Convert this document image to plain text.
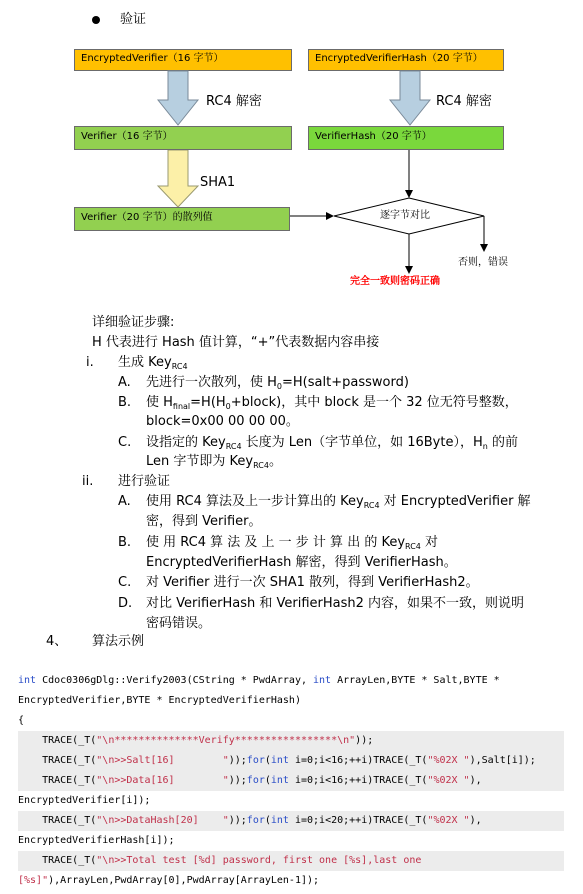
验证
EncryptedVerifier（16 字节）	EncryptedVerifierHash（20 字节）
RC4 解密	RC4 解密
Verifier（16 字节）	VerifierHash（20 字节）
SHA1
Verifier（20 字节）的散列值	逐字节对比
否则，错误
完全一致则密码正确
详细验证步骤:
H 代表进行 Hash 值计算，“+”代表数据内容串接
i. 生成 Key$_{RC4}$
A. 先进行一次散列，使 $H_0=H(salt+password)$
B. 使 $H_{final}=H(H_0+block)$，其中 block 是一个 32 位无符号整数，
block=0x00 00 00 00。
C. 设指定的 Key$_{RC4}$ 长度为 Len（字节单位，如 16Byte），$H_n$ 的前
Len 字节即为 Key$_{RC4}$。
ii. 进行验证
A. 使用 RC4 算法及上一步计算出的 Key$_{RC4}$ 对 EncryptedVerifier 解
密，得到 Verifier。
B. 使 用 RC4 算 法 及 上 一 步 计 算 出 的 Key$_{RC4}$ 对
EncryptedVerifierHash 解密，得到 VerifierHash。
C. 对 Verifier 进行一次 SHA1 散列，得到 VerifierHash2。
D. 对比 VerifierHash 和 VerifierHash2 内容，如果不一致，则说明
密码错误。
4、 算法示例
int Cdoc0306gDlg::Verify2003(CString * PwdArray, int ArrayLen,BYTE * Salt,BYTE *
EncryptedVerifier,BYTE * EncryptedVerifierHash)
{
TRACE(_T("\n**************Verify*****************\n"));
TRACE(_T("\n>>Salt[16]        "));for(int i=0;i<16;++i)TRACE(_T("%02X "),Salt[i]);
TRACE(_T("\n>>Data[16]        "));for(int i=0;i<16;++i)TRACE(_T("%02X "),
EncryptedVerifier[i]);
TRACE(_T("\n>>DataHash[20]    "));for(int i=0;i<20;++i)TRACE(_T("%02X "),
EncryptedVerifierHash[i]);
TRACE(_T("\n>>Total test [%d] password, first one [%s],last one
[%s]"),ArrayLen,PwdArray[0],PwdArray[ArrayLen-1]);
